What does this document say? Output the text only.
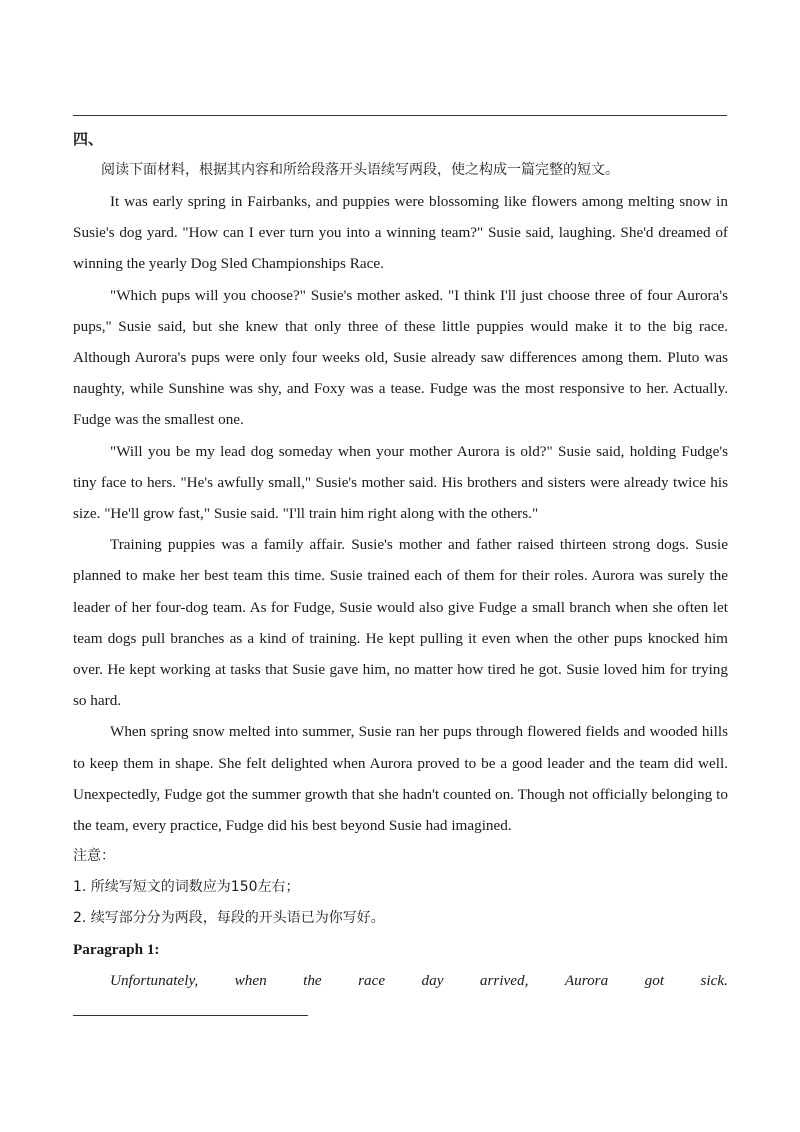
四、

阅读下面材料，根据其内容和所给段落开头语续写两段，使之构成一篇完整的短文。

It was early spring in Fairbanks, and puppies were blossoming like flowers among melting snow in Susie's dog yard. "How can I ever turn you into a winning team?" Susie said, laughing. She'd dreamed of winning the yearly Dog Sled Championships Race.

"Which pups will you choose?" Susie's mother asked. "I think I'll just choose three of four Aurora's pups," Susie said, but she knew that only three of these little puppies would make it to the big race. Although Aurora's pups were only four weeks old, Susie already saw differences among them. Pluto was naughty, while Sunshine was shy, and Foxy was a tease. Fudge was the most responsive to her. Actually. Fudge was the smallest one.

"Will you be my lead dog someday when your mother Aurora is old?" Susie said, holding Fudge's tiny face to hers. "He's awfully small," Susie's mother said. His brothers and sisters were already twice his size. "He'll grow fast," Susie said. "I'll train him right along with the others."

Training puppies was a family affair. Susie's mother and father raised thirteen strong dogs. Susie planned to make her best team this time. Susie trained each of them for their roles. Aurora was surely the leader of her four-dog team. As for Fudge, Susie would also give Fudge a small branch when she often let team dogs pull branches as a kind of training. He kept pulling it even when the other pups knocked him over. He kept working at tasks that Susie gave him, no matter how tired he got. Susie loved him for trying so hard.

When spring snow melted into summer, Susie ran her pups through flowered fields and wooded hills to keep them in shape. She felt delighted when Aurora proved to be a good leader and the team did well. Unexpectedly, Fudge got the summer growth that she hadn't counted on. Though not officially belonging to the team, every practice, Fudge did his best beyond Susie had imagined.

注意：

1. 所续写短文的词数应为150左右；

2. 续写部分分为两段，每段的开头语已为你写好。

Paragraph 1:

Unfortunately, when the race day arrived, Aurora got sick.
